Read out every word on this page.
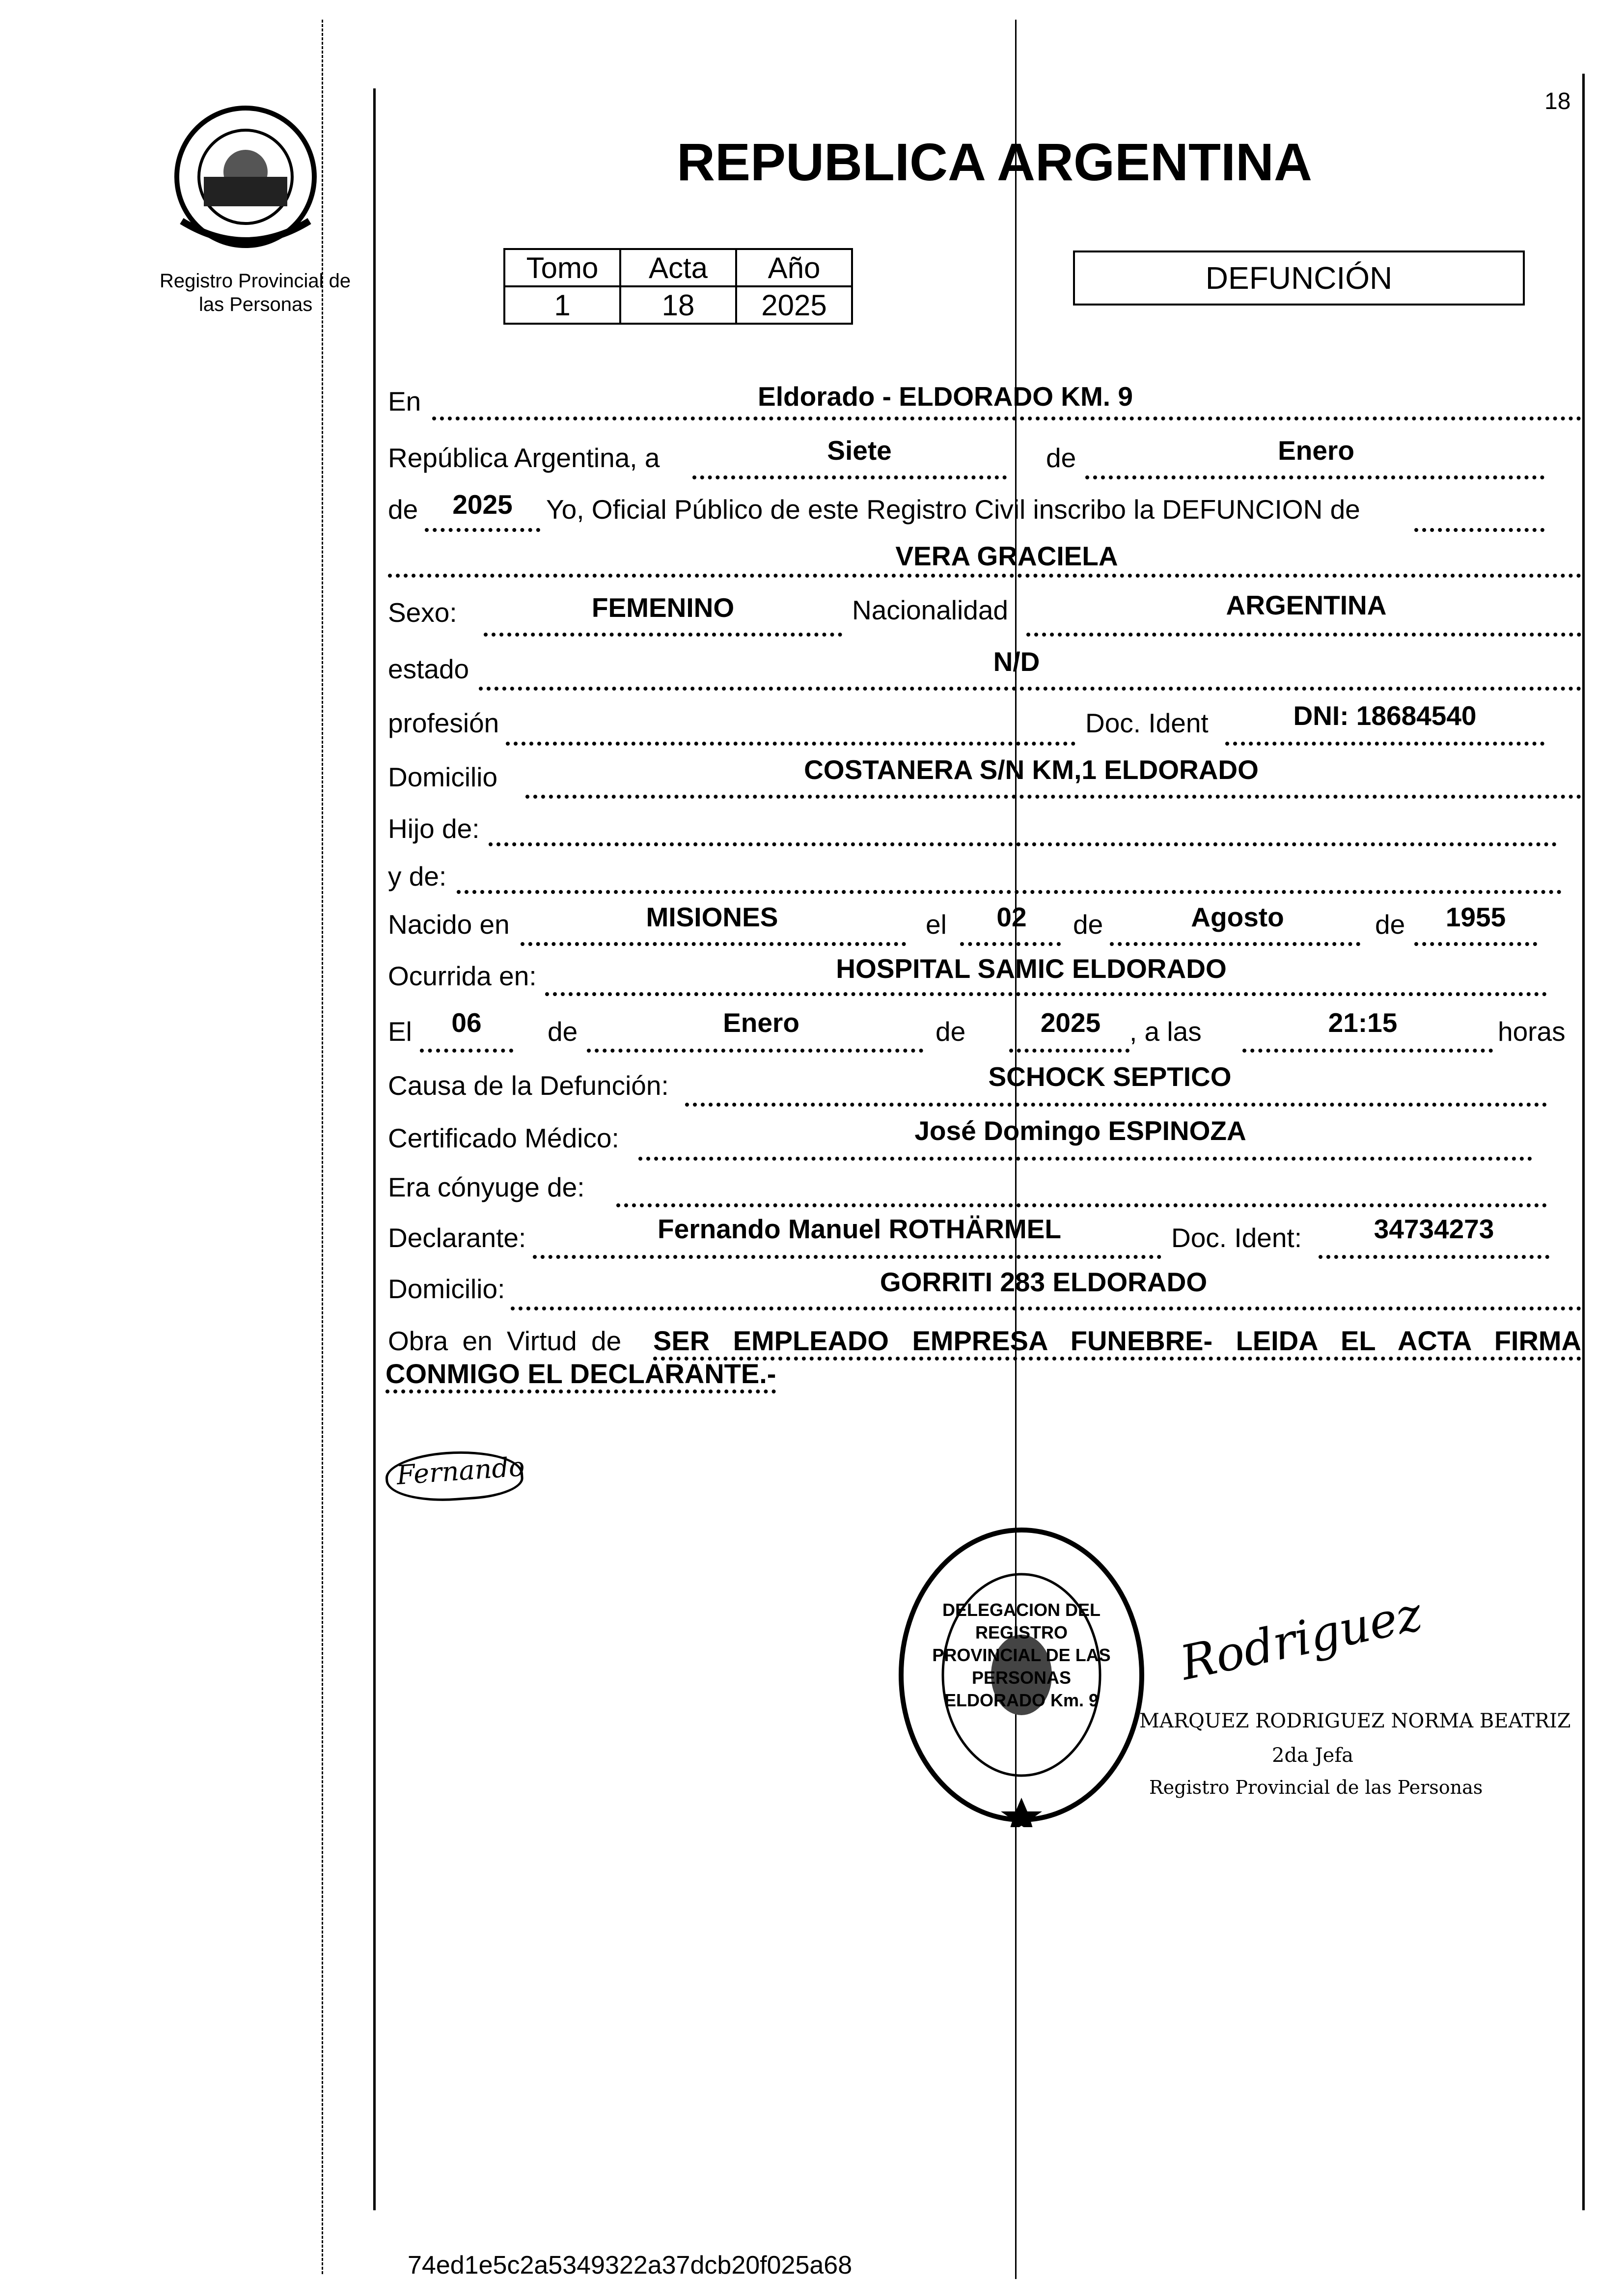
Registro Provincial de
las Personas
18
REPUBLICA ARGENTINA
Tomo	Acta	Año
1	18	2025
DEFUNCIÓN
En	Eldorado - ELDORADO KM. 9
República Argentina, a	Siete	de	Enero
de	2025	Yo, Oficial Público de este Registro Civil inscribo la DEFUNCION de
VERA GRACIELA
Sexo:	FEMENINO	Nacionalidad	ARGENTINA
estado	N/D
profesión	Doc. Ident	DNI: 18684540
Domicilio	COSTANERA S/N KM,1 ELDORADO
Hijo de:
y de:
Nacido en	MISIONES	el	02	de	Agosto	de	1955
Ocurrida en:	HOSPITAL SAMIC ELDORADO
El	06	de	Enero	de	2025	, a las	21:15	horas
Causa de la Defunción:	SCHOCK SEPTICO
Certificado Médico:	José Domingo ESPINOZA
Era cónyuge de:
Declarante:	Fernando Manuel ROTHÄRMEL	Doc. Ident:	34734273
Domicilio:	GORRITI 283 ELDORADO
Obra en Virtud de SER EMPLEADO EMPRESA FUNEBRE- LEIDA EL ACTA FIRMA
CONMIGO EL DECLARANTE.-
Fernando
DELEGACION DEL REGISTRO PROVINCIAL DE LAS PERSONAS ELDORADO Km. 9
Rodriguez
MARQUEZ RODRIGUEZ NORMA BEATRIZ
2da Jefa
Registro Provincial de las Personas
74ed1e5c2a5349322a37dcb20f025a68
